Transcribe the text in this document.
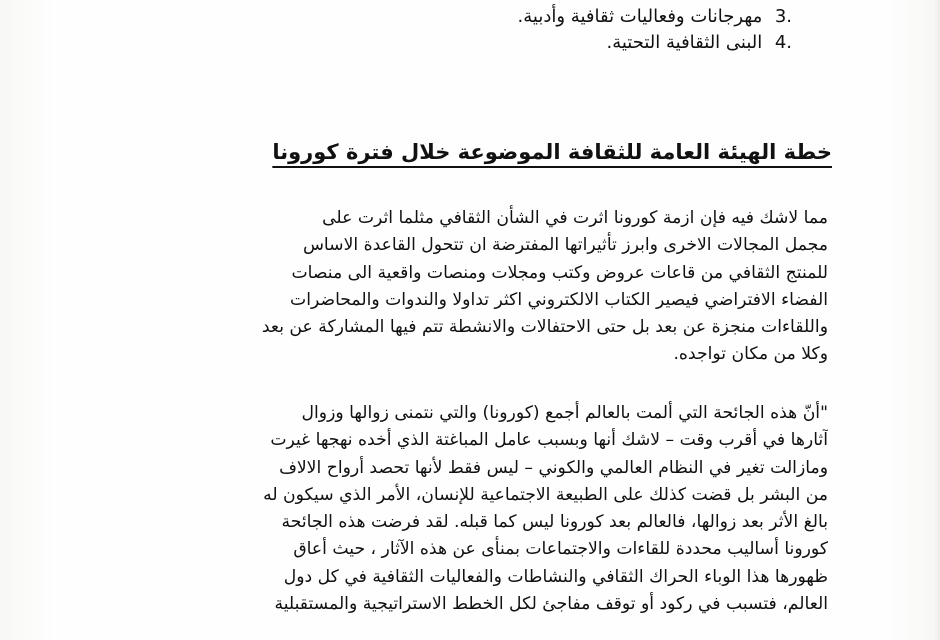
3. مهرجانات وفعاليات ثقافية وأدبية.
4. البنى الثقافية التحتية.
خطة الهيئة العامة للثقافة الموضوعة خلال فترة كورونا
مما لاشك فيه فإن ازمة كورونا اثرت في الشأن الثقافي مثلما اثرت على
مجمل المجالات الاخرى وابرز تأثيراتها المفترضة ان تتحول القاعدة الاساس
للمنتج الثقافي من قاعات عروض وكتب ومجلات ومنصات واقعية الى منصات
الفضاء الافتراضي فيصير الكتاب الالكتروني اكثر تداولا والندوات والمحاضرات
واللقاءات منجزة عن بعد بل حتى الاحتفالات والانشطة تتم فيها المشاركة عن بعد
وكلا من مكان تواجده.
"أنّ هذه الجائحة التي ألمت بالعالم أجمع (كورونا) والتي نتمنى زوالها وزوال
آثارها في أقرب وقت – لاشك أنها وبسبب عامل المباغتة الذي أخده نهجها غيرت
ومازالت تغير في النظام العالمي والكوني – ليس فقط لأنها تحصد أرواح الالاف
من البشر بل قضت كذلك على الطبيعة الاجتماعية للإنسان، الأمر الذي سيكون له
بالغ الأثر بعد زوالها، فالعالم بعد كورونا ليس كما قبله. لقد فرضت هذه الجائحة
كورونا أساليب محددة للقاءات والاجتماعات بمنأى عن هذه الآثار ، حيث أعاق
ظهورها هذا الوباء الحراك الثقافي والنشاطات والفعاليات الثقافية في كل دول
العالم، فتسبب في ركود أو توقف مفاجئ لكل الخطط الاستراتيجية والمستقبلية
